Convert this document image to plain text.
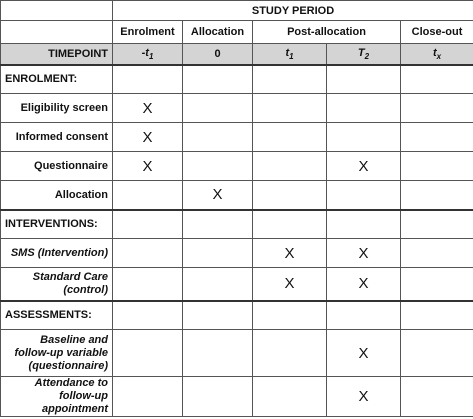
	STUDY PERIOD				
	Enrolment	Allocation	Post-allocation		Close-out
TIMEPOINT	$-t_1$	0	$t_1$	$T_2$	$t_x$
ENROLMENT:					
Eligibility screen	X				
Informed consent	X				
Questionnaire	X			X	
Allocation		X			
INTERVENTIONS:					
SMS (Intervention)			X	X	
Standard Care (control)			X	X	
ASSESSMENTS:					
Baseline and follow-up variable (questionnaire)				X	
Attendance to follow-up appointment				X	
